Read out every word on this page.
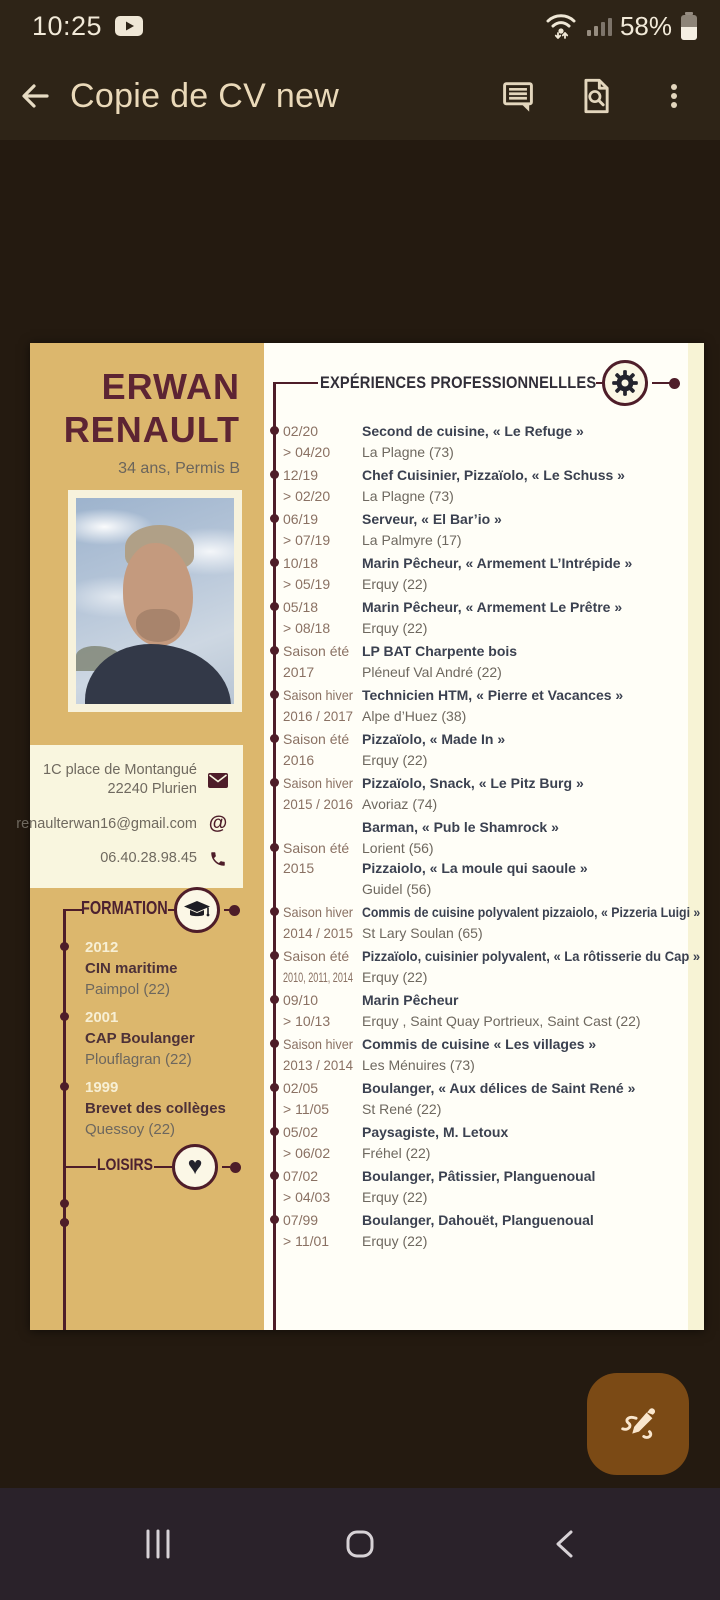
10:25	58%
Copie de CV new
ERWAN RENAULT
34 ans, Permis B
1C place de Montangué
22240 Plurien
renaulterwan16@gmail.com @
06.40.28.98.45
FORMATION
2012
CIN maritime
Paimpol (22)
2001
CAP Boulanger
Plouflagran (22)
1999
Brevet des collèges
Quessoy (22)
LOISIRS ♥
EXPÉRIENCES PROFESSIONNELLLES
02/20
> 04/20
Second de cuisine, « Le Refuge »
La Plagne (73)
12/19
> 02/20
Chef Cuisinier, Pizzaïolo, « Le Schuss »
La Plagne (73)
06/19
> 07/19
Serveur, « El Bar’io »
La Palmyre (17)
10/18
> 05/19
Marin Pêcheur, « Armement L’Intrépide »
Erquy (22)
05/18
> 08/18
Marin Pêcheur, « Armement Le Prêtre »
Erquy (22)
Saison été
2017
LP BAT Charpente bois
Pléneuf Val André (22)
Saison hiver
2016 / 2017
Technicien HTM, « Pierre et Vacances »
Alpe d’Huez (38)
Saison été
2016
Pizzaïolo, « Made In »
Erquy (22)
Saison hiver
2015 / 2016
Pizzaïolo, Snack, « Le Pitz Burg »
Avoriaz (74)
Saison été
2015
Barman, « Pub le Shamrock »
Lorient (56)
Pizzaiolo, « La moule qui saoule »
Guidel (56)
Saison hiver
2014 / 2015
Commis de cuisine polyvalent pizzaiolo, « Pizzeria Luigi »
St Lary Soulan (65)
Saison été
2010, 2011, 2014
Pizzaïolo, cuisinier polyvalent, « La rôtisserie du Cap »
Erquy (22)
09/10
> 10/13
Marin Pêcheur
Erquy , Saint Quay Portrieux, Saint Cast (22)
Saison hiver
2013 / 2014
Commis de cuisine « Les villages »
Les Ménuires (73)
02/05
> 11/05
Boulanger, « Aux délices de Saint René »
St René (22)
05/02
> 06/02
Paysagiste, M. Letoux
Fréhel (22)
07/02
> 04/03
Boulanger, Pâtissier, Planguenoual
Erquy (22)
07/99
> 11/01
Boulanger, Dahouët, Planguenoual
Erquy (22)
